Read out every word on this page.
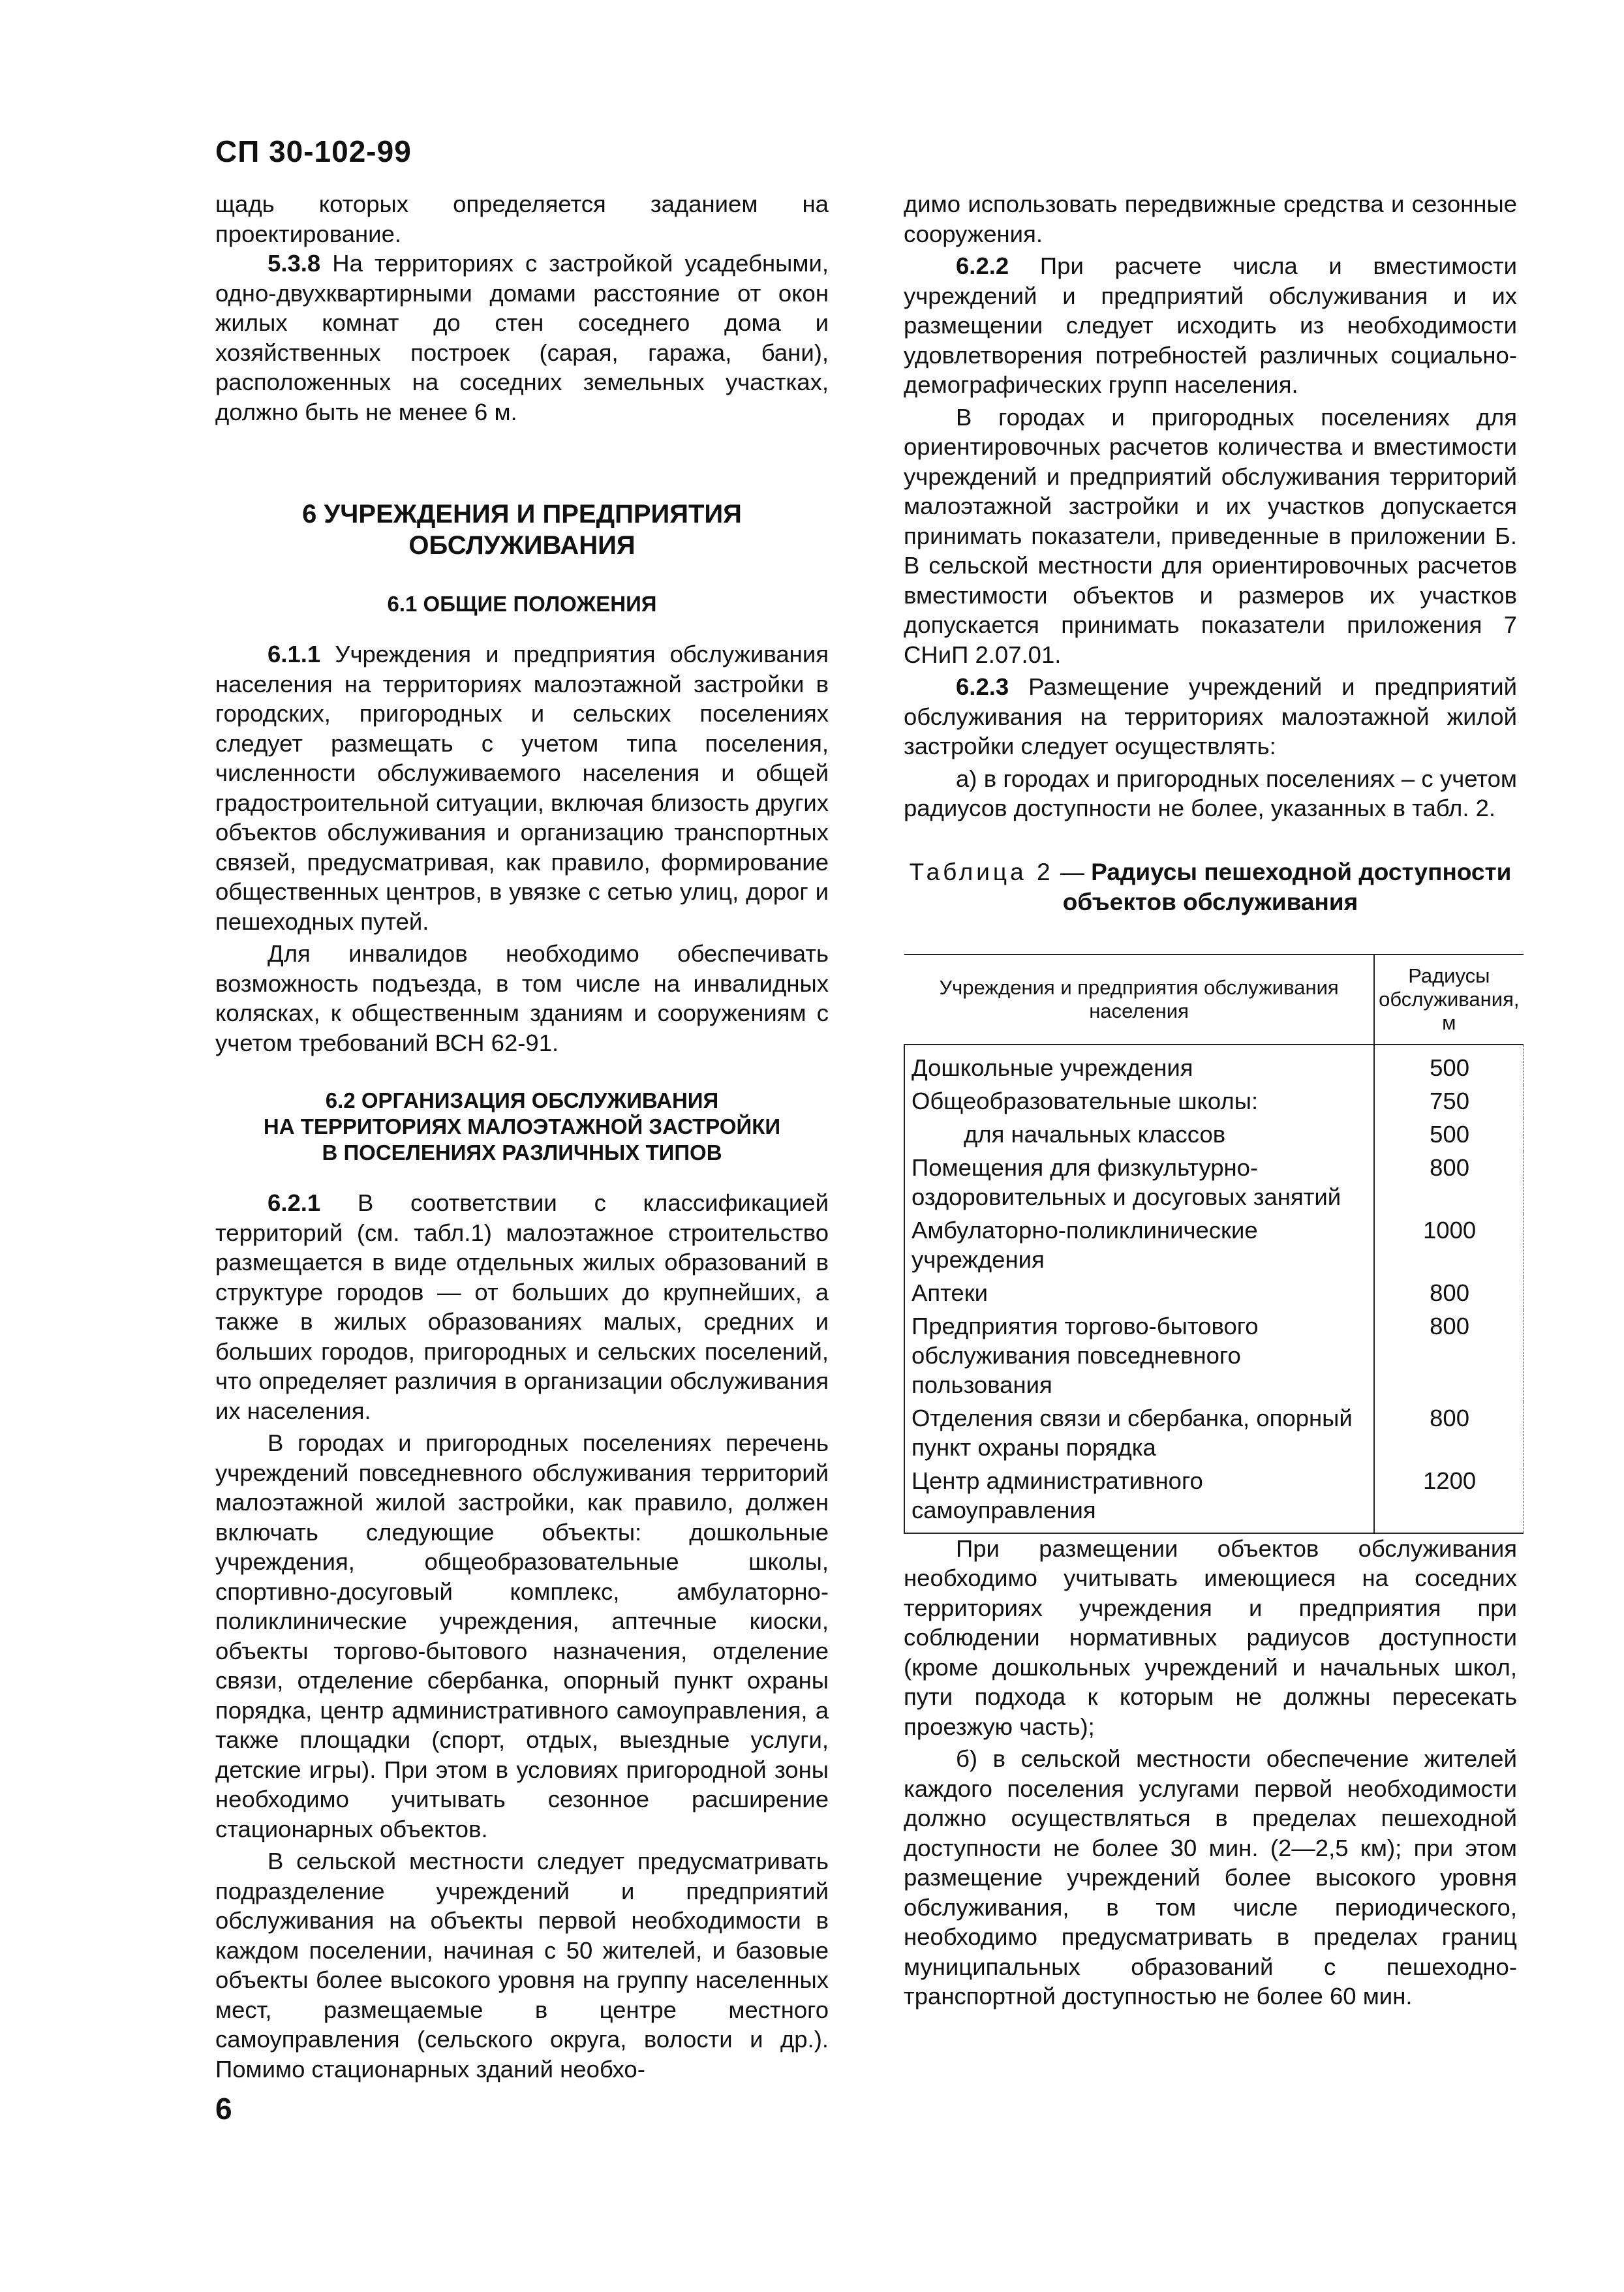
СП 30-102-99

щадь которых определяется заданием на проектирование.

5.3.8 На территориях с застройкой усадебными, одно-двухквартирными домами расстояние от окон жилых комнат до стен соседнего дома и хозяйственных построек (сарая, гаража, бани), расположенных на соседних земельных участках, должно быть не менее 6 м.

6 УЧРЕЖДЕНИЯ И ПРЕДПРИЯТИЯ
ОБСЛУЖИВАНИЯ
6.1 ОБЩИЕ ПОЛОЖЕНИЯ

6.1.1 Учреждения и предприятия обслуживания населения на территориях малоэтажной застройки в городских, пригородных и сельских поселениях следует размещать с учетом типа поселения, численности обслуживаемого населения и общей градостроительной ситуации, включая близость других объектов обслуживания и организацию транспортных связей, предусматривая, как правило, формирование общественных центров, в увязке с сетью улиц, дорог и пешеходных путей.

Для инвалидов необходимо обеспечивать возможность подъезда, в том числе на инвалидных колясках, к общественным зданиям и сооружениям с учетом требований ВСН 62-91.

6.2 ОРГАНИЗАЦИЯ ОБСЛУЖИВАНИЯ
НА ТЕРРИТОРИЯХ МАЛОЭТАЖНОЙ ЗАСТРОЙКИ
В ПОСЕЛЕНИЯХ РАЗЛИЧНЫХ ТИПОВ

6.2.1 В соответствии с классификацией территорий (см. табл.1) малоэтажное строительство размещается в виде отдельных жилых образований в структуре городов — от больших до крупнейших, а также в жилых образованиях малых, средних и больших городов, пригородных и сельских поселений, что определяет различия в организации обслуживания их населения.

В городах и пригородных поселениях перечень учреждений повседневного обслуживания территорий малоэтажной жилой застройки, как правило, должен включать следующие объекты: дошкольные учреждения, общеобразовательные школы, спортивно-досуговый комплекс, амбулаторно-поликлинические учреждения, аптечные киоски, объекты торгово-бытового назначения, отделение связи, отделение сбербанка, опорный пункт охраны порядка, центр административного самоуправления, а также площадки (спорт, отдых, выездные услуги, детские игры). При этом в условиях пригородной зоны необходимо учитывать сезонное расширение стационарных объектов.

В сельской местности следует предусматривать подразделение учреждений и предприятий обслуживания на объекты первой необходимости в каждом поселении, начиная с 50 жителей, и базовые объекты более высокого уровня на группу населенных мест, размещаемые в центре местного самоуправления (сельского округа, волости и др.). Помимо стационарных зданий необхо-

димо использовать передвижные средства и сезонные сооружения.

6.2.2 При расчете числа и вместимости учреждений и предприятий обслуживания и их размещении следует исходить из необходимости удовлетворения потребностей различных социально-демографических групп населения.

В городах и пригородных поселениях для ориентировочных расчетов количества и вместимости учреждений и предприятий обслуживания территорий малоэтажной застройки и их участков допускается принимать показатели, приведенные в приложении Б. В сельской местности для ориентировочных расчетов вместимости объектов и размеров их участков допускается принимать показатели приложения 7 СНиП 2.07.01.

6.2.3 Размещение учреждений и предприятий обслуживания на территориях малоэтажной жилой застройки следует осуществлять:

а) в городах и пригородных поселениях – с учетом радиусов доступности не более, указанных в табл. 2.

Таблица 2 — Радиусы пешеходной доступности объектов обслуживания
Учреждения и предприятия обслуживания населения	Радиусы обслуживания, м
Дошкольные учреждения	500
Общеобразовательные школы:	750
для начальных классов	500
Помещения для физкультурно-оздоровительных и досуговых занятий	800
Амбулаторно-поликлинические учреждения	1000
Аптеки	800
Предприятия торгово-бытового обслуживания повседневного пользования	800
Отделения связи и сбербанка, опорный пункт охраны порядка	800
Центр административного самоуправления	1200

При размещении объектов обслуживания необходимо учитывать имеющиеся на соседних территориях учреждения и предприятия при соблюдении нормативных радиусов доступности (кроме дошкольных учреждений и начальных школ, пути подхода к которым не должны пересекать проезжую часть);

б) в сельской местности обеспечение жителей каждого поселения услугами первой необходимости должно осуществляться в пределах пешеходной доступности не более 30 мин. (2—2,5 км); при этом размещение учреждений более высокого уровня обслуживания, в том числе периодического, необходимо предусматривать в пределах границ муниципальных образований с пешеходно-транспортной доступностью не более 60 мин.

6
